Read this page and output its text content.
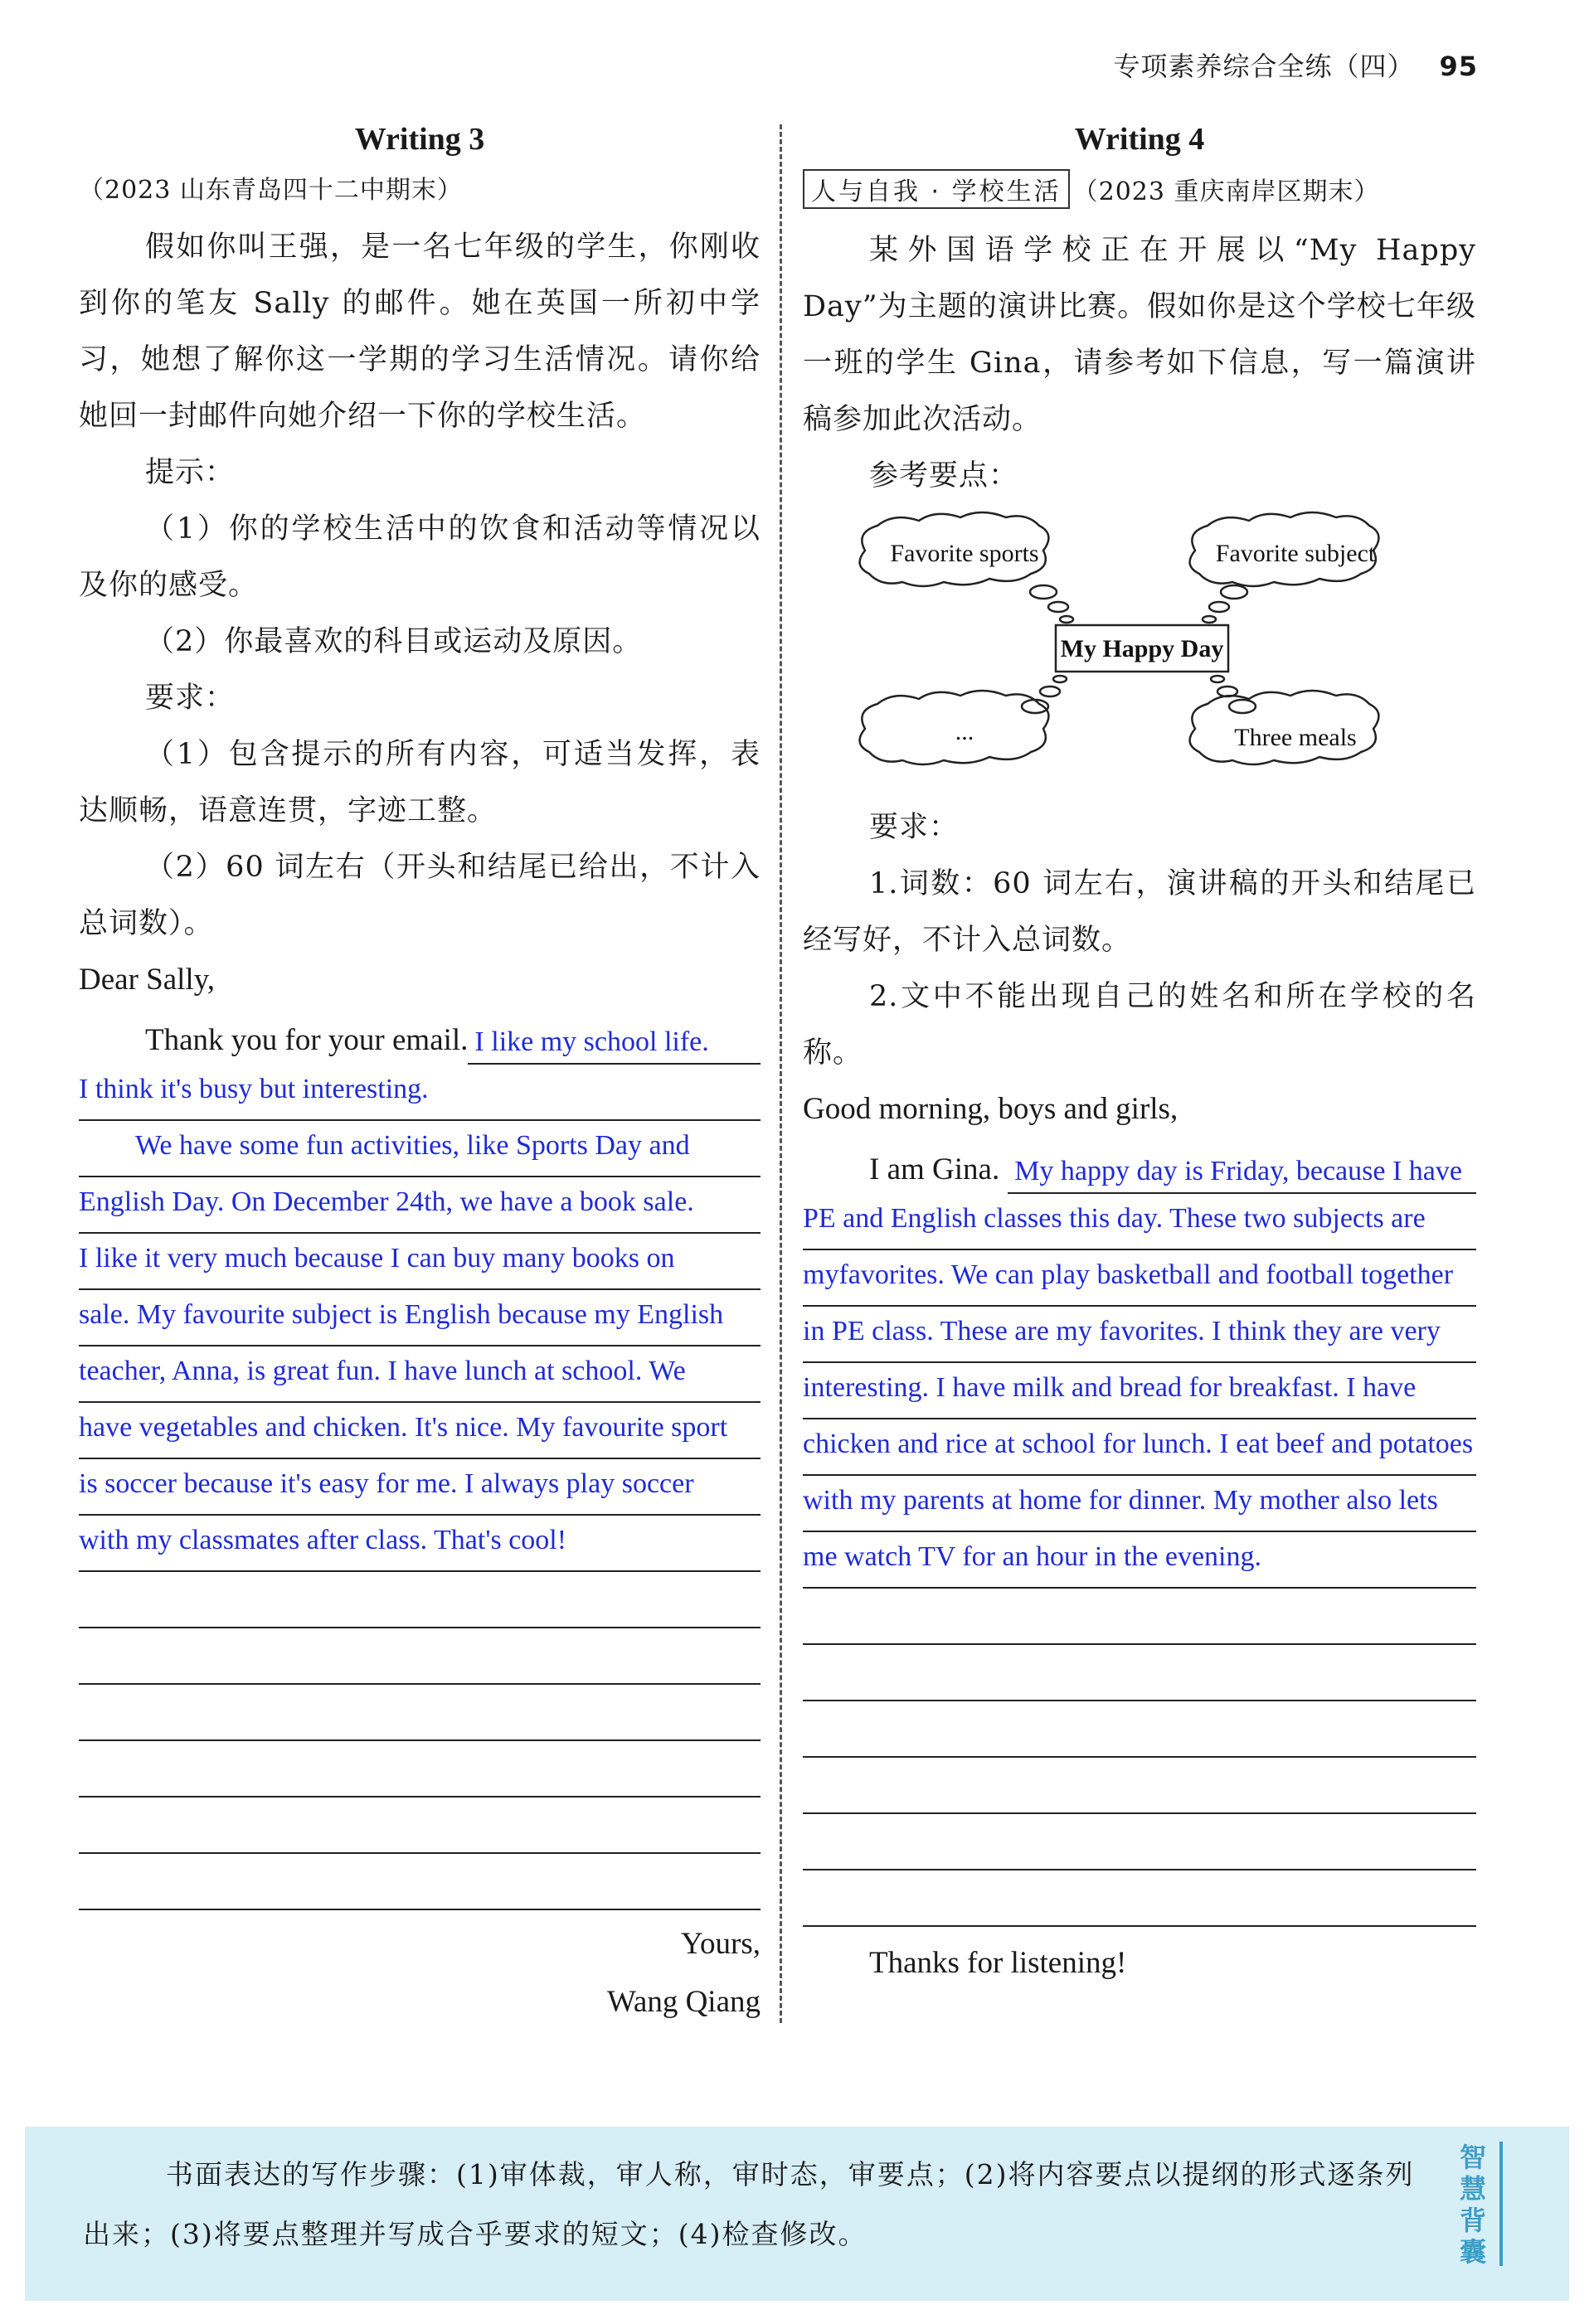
专项素养综合全练（四） 95
Writing 3
（2023 山东青岛四十二中期末）

假如你叫王强，是一名七年级的学生，你刚收到你的笔友 Sally 的邮件。她在英国一所初中学习，她想了解你这一学期的学习生活情况。请你给她回一封邮件向她介绍一下你的学校生活。

提示：

（1）你的学校生活中的饮食和活动等情况以及你的感受。

（2）你最喜欢的科目或运动及原因。

要求：

（1）包含提示的所有内容，可适当发挥，表达顺畅，语意连贯，字迹工整。

（2）60 词左右（开头和结尾已给出，不计入总词数）。

Dear Sally,

Thank you for your email. I like my school life.
I think it's busy but interesting.
We have some fun activities, like Sports Day and
English Day. On December 24th, we have a book sale.
I like it very much because I can buy many books on
sale. My favourite subject is English because my English
teacher, Anna, is great fun. I have lunch at school. We
have vegetables and chicken. It's nice. My favourite sport
is soccer because it's easy for me. I always play soccer
with my classmates after class. That's cool!
Yours,
Wang Qiang
Writing 4
人与自我 · 学校生活 （2023 重庆南岸区期末）

某外国语学校正在开展以“My Happy Day”为主题的演讲比赛。假如你是这个学校七年级一班的学生 Gina，请参考如下信息，写一篇演讲稿参加此次活动。

参考要点：

Favorite sports	Favorite subject
My Happy Day
...	Three meals

要求：

1.词数：60 词左右，演讲稿的开头和结尾已经写好，不计入总词数。

2.文中不能出现自己的姓名和所在学校的名称。

Good morning, boys and girls,

I am Gina. My happy day is Friday, because I have
PE and English classes this day. These two subjects are
myfavorites. We can play basketball and football together
in PE class. These are my favorites. I think they are very
interesting. I have milk and bread for breakfast. I have
chicken and rice at school for lunch. I eat beef and potatoes
with my parents at home for dinner. My mother also lets
me watch TV for an hour in the evening.

Thanks for listening!

书面表达的写作步骤：(1)审体裁，审人称，审时态，审要点；(2)将内容要点以提纲的形式逐条列出来；(3)将要点整理并写成合乎要求的短文；(4)检查修改。
智慧背囊
